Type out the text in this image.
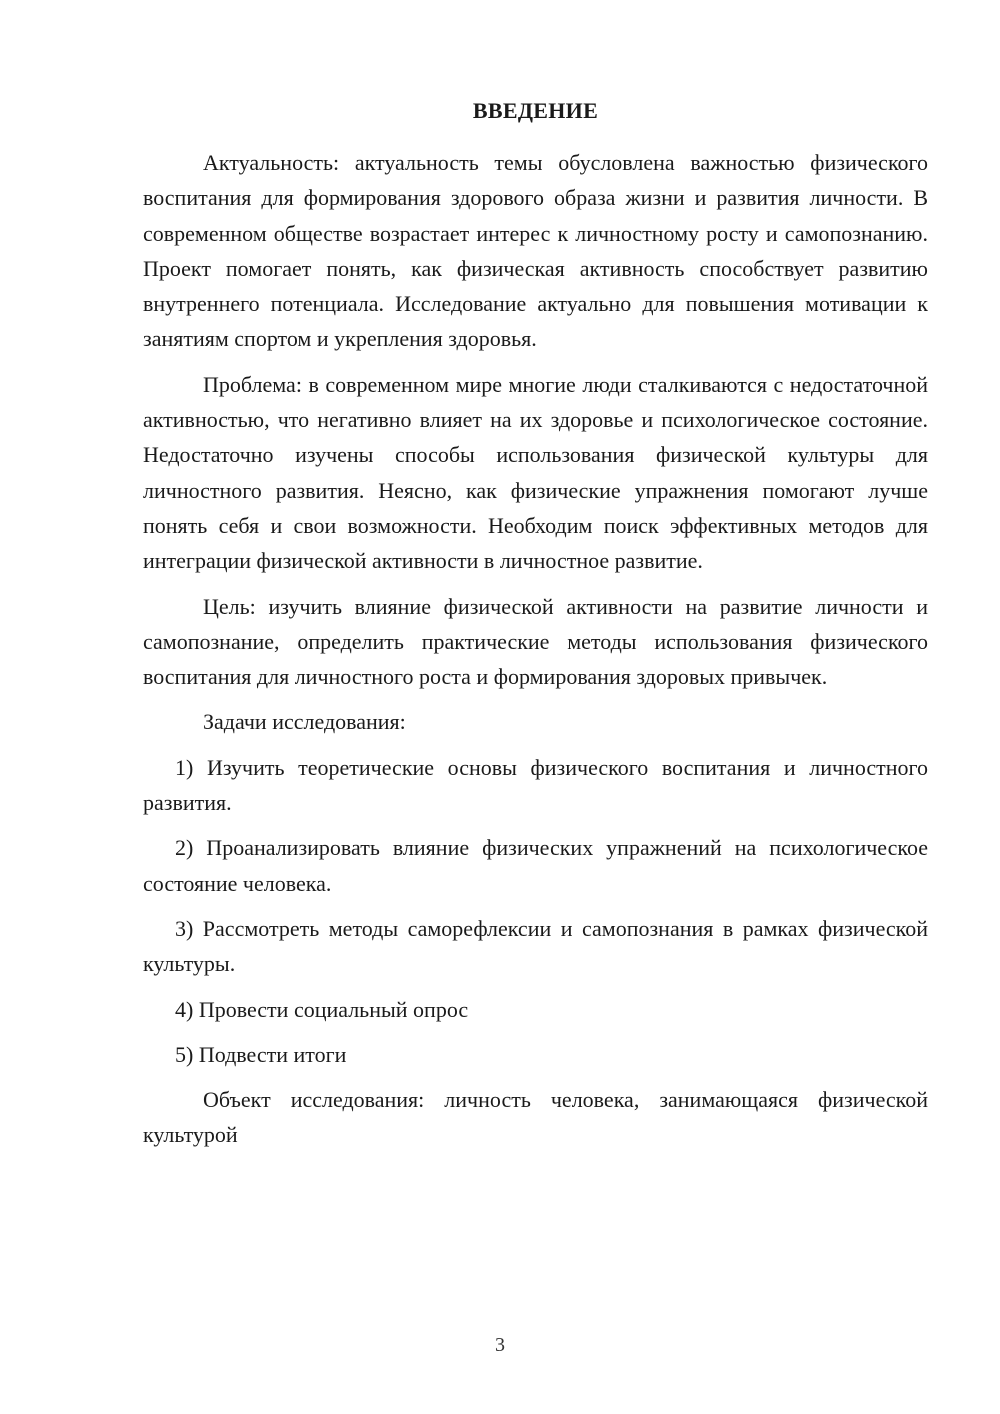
ВВЕДЕНИЕ

Актуальность: актуальность темы обусловлена важностью физического воспитания для формирования здорового образа жизни и развития личности. В современном обществе возрастает интерес к личностному росту и самопознанию. Проект помогает понять, как физическая активность способствует развитию внутреннего потенциала. Исследование актуально для повышения мотивации к занятиям спортом и укрепления здоровья.

Проблема: в современном мире многие люди сталкиваются с недостаточной активностью, что негативно влияет на их здоровье и психологическое состояние. Недостаточно изучены способы использования физической культуры для личностного развития. Неясно, как физические упражнения помогают лучше понять себя и свои возможности. Необходим поиск эффективных методов для интеграции физической активности в личностное развитие.

Цель: изучить влияние физической активности на развитие личности и самопознание, определить практические методы использования физического воспитания для личностного роста и формирования здоровых привычек.

Задачи исследования:

1) Изучить теоретические основы физического воспитания и личностного развития.

2) Проанализировать влияние физических упражнений на психологическое состояние человека.

3) Рассмотреть методы саморефлексии и самопознания в рамках физической культуры.

4) Провести социальный опрос

5) Подвести итоги

Объект исследования: личность человека, занимающаяся физической культурой

3
